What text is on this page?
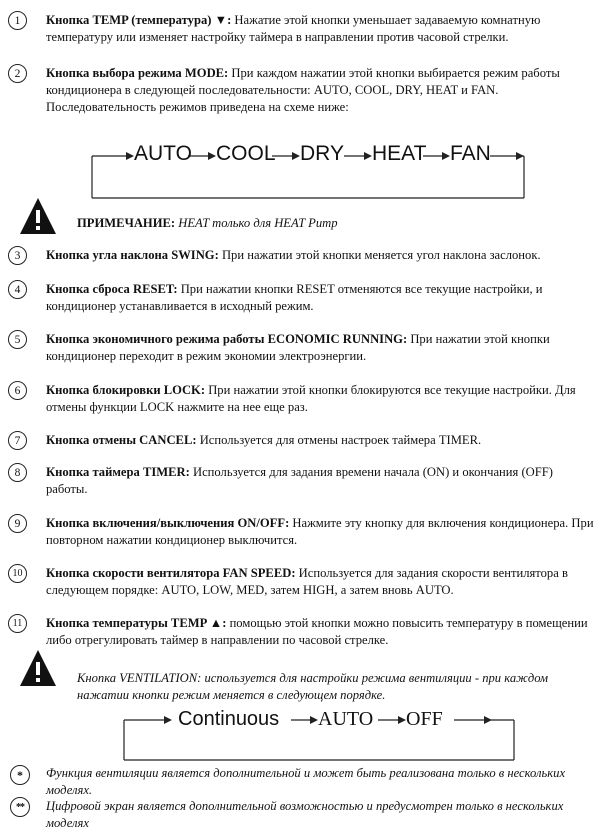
1	Кнопка TEMP (температура) ▼: Нажатие этой кнопки уменьшает задаваемую комнатную температуру или изменяет настройку таймера в направлении против часовой стрелки.
2	Кнопка выбора режима MODE: При каждом нажатии этой кнопки выбирается режим работы кондиционера в следующей последовательности: AUTO, COOL, DRY, HEAT и FAN. Последовательность режимов приведена на схеме ниже:
AUTO COOL DRY HEAT FAN
ПРИМЕЧАНИЕ: HEAT только для HEAT Pump
3	Кнопка угла наклона SWING: При нажатии этой кнопки меняется угол наклона заслонок.
4	Кнопка сброса RESET: При нажатии кнопки RESET отменяются все текущие настройки, и кондиционер устанавливается в исходный режим.
5	Кнопка экономичного режима работы ECONOMIC RUNNING: При нажатии этой кнопки кондиционер переходит в режим экономии электроэнергии.
6	Кнопка блокировки LOCK: При нажатии этой кнопки блокируются все текущие настройки. Для отмены функции LOCK нажмите на нее еще раз.
7	Кнопка отмены CANCEL: Используется для отмены настроек таймера TIMER.
8	Кнопка таймера TIMER: Используется для задания времени начала (ON) и окончания (OFF) работы.
9	Кнопка включения/выключения ON/OFF: Нажмите эту кнопку для включения кондиционера. При повторном нажатии кондиционер выключится.
10	Кнопка скорости вентилятора FAN SPEED: Используется для задания скорости вентилятора в следующем порядке: AUTO, LOW, MED, затем HIGH, а затем вновь AUTO.
11	Кнопка температуры TEMP ▲: помощью этой кнопки можно повысить температуру в помещении либо отрегулировать таймер в направлении по часовой стрелке.
Кнопка VENTILATION: используется для настройки режима вентиляции - при каждом нажатии кнопки режим меняется в следующем порядке.
Continuous AUTO OFF
*	Функция вентиляции является дополнительной и может быть реализована только в нескольких моделях.
**	Цифровой экран является дополнительной возможностью и предусмотрен только в нескольких моделях
